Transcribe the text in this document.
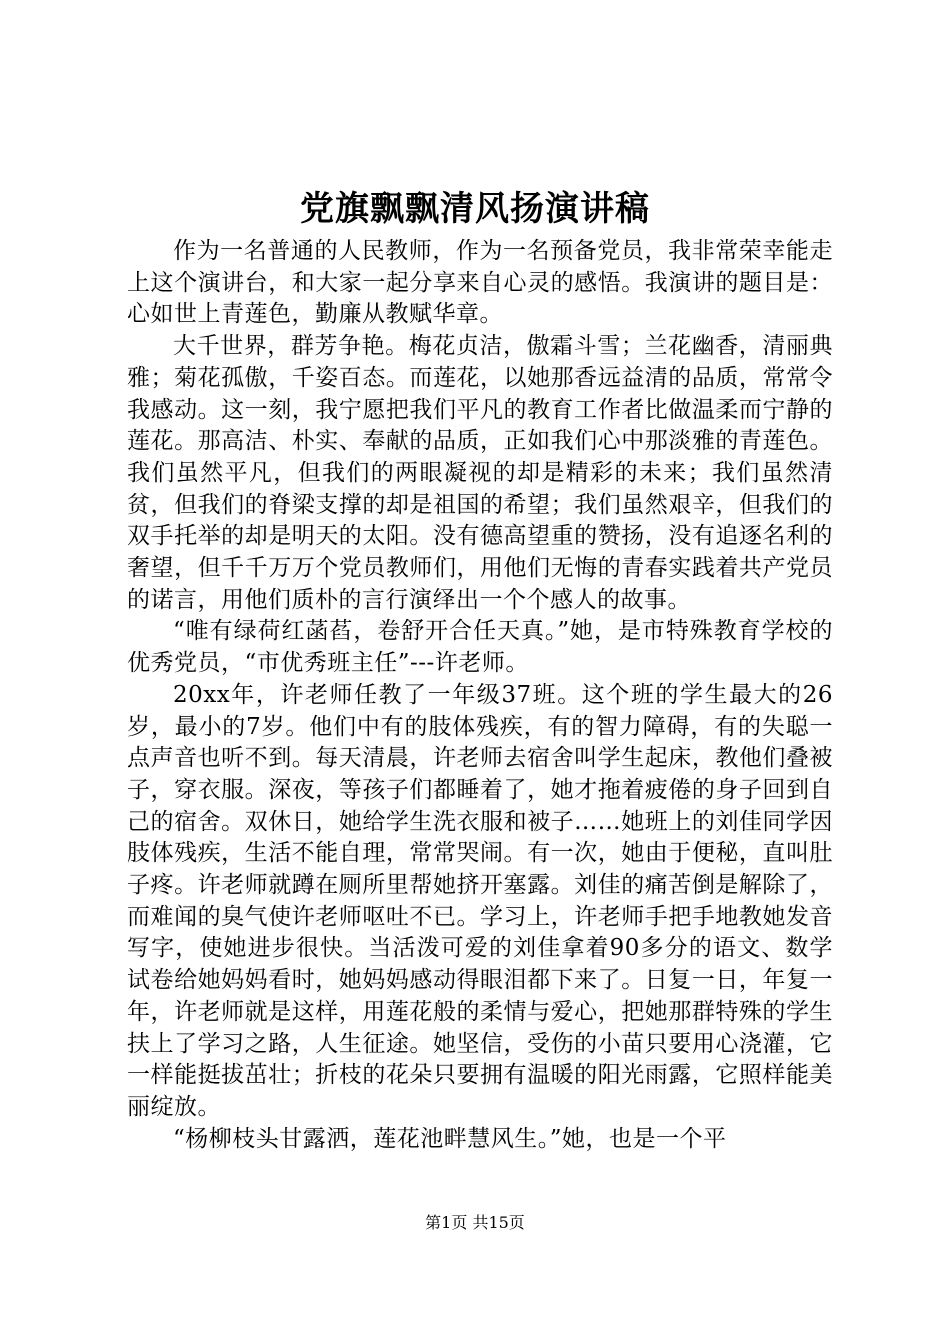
党旗飘飘清风扬演讲稿

作为一名普通的人民教师，作为一名预备党员，我非常荣幸能走上这个演讲台，和大家一起分享来自心灵的感悟。我演讲的题目是：心如世上青莲色，勤廉从教赋华章。

大千世界，群芳争艳。梅花贞洁，傲霜斗雪；兰花幽香，清丽典雅；菊花孤傲，千姿百态。而莲花，以她那香远益清的品质，常常令我感动。这一刻，我宁愿把我们平凡的教育工作者比做温柔而宁静的莲花。那高洁、朴实、奉献的品质，正如我们心中那淡雅的青莲色。我们虽然平凡，但我们的两眼凝视的却是精彩的未来；我们虽然清贫，但我们的脊梁支撑的却是祖国的希望；我们虽然艰辛，但我们的双手托举的却是明天的太阳。没有德高望重的赞扬，没有追逐名利的奢望，但千千万万个党员教师们，用他们无悔的青春实践着共产党员的诺言，用他们质朴的言行演绎出一个个感人的故事。

“唯有绿荷红菡萏，卷舒开合任天真。”她，是市特殊教育学校的优秀党员，“市优秀班主任”---许老师。

20xx年，许老师任教了一年级37班。这个班的学生最大的26岁，最小的7岁。他们中有的肢体残疾，有的智力障碍，有的失聪一点声音也听不到。每天清晨，许老师去宿舍叫学生起床，教他们叠被子，穿衣服。深夜，等孩子们都睡着了，她才拖着疲倦的身子回到自己的宿舍。双休日，她给学生洗衣服和被子……她班上的刘佳同学因肢体残疾，生活不能自理，常常哭闹。有一次，她由于便秘，直叫肚子疼。许老师就蹲在厕所里帮她挤开塞露。刘佳的痛苦倒是解除了，而难闻的臭气使许老师呕吐不已。学习上，许老师手把手地教她发音写字，使她进步很快。当活泼可爱的刘佳拿着90多分的语文、数学试卷给她妈妈看时，她妈妈感动得眼泪都下来了。日复一日，年复一年，许老师就是这样，用莲花般的柔情与爱心，把她那群特殊的学生扶上了学习之路，人生征途。她坚信，受伤的小苗只要用心浇灌，它一样能挺拔茁壮；折枝的花朵只要拥有温暖的阳光雨露，它照样能美丽绽放。

“杨柳枝头甘露洒，莲花池畔慧风生。”她，也是一个平

第1页 共15页
